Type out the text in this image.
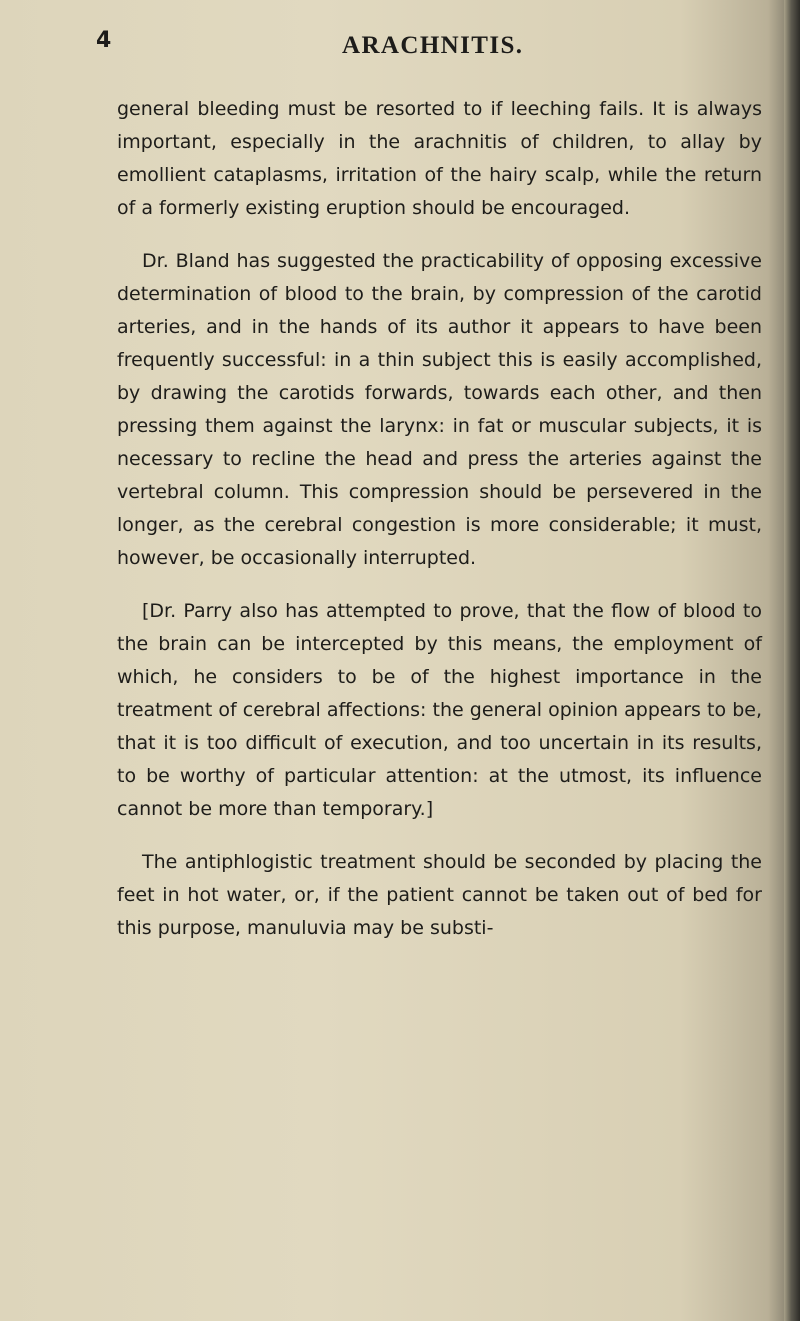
4	ARACHNITIS.

general bleeding must be resorted to if leeching fails. It is always important, especially in the arachnitis of children, to allay by emollient cataplasms, irritation of the hairy scalp, while the return of a formerly existing eruption should be encouraged.

Dr. Bland has suggested the practicability of opposing excessive determination of blood to the brain, by compression of the carotid arteries, and in the hands of its author it appears to have been frequently successful: in a thin subject this is easily accomplished, by drawing the carotids forwards, towards each other, and then pressing them against the larynx: in fat or muscular subjects, it is necessary to recline the head and press the arteries against the vertebral column. This compression should be persevered in the longer, as the cerebral congestion is more considerable; it must, however, be occasionally interrupted.

[Dr. Parry also has attempted to prove, that the flow of blood to the brain can be intercepted by this means, the employment of which, he considers to be of the highest importance in the treatment of cerebral affections: the general opinion appears to be, that it is too difficult of execution, and too uncertain in its results, to be worthy of particular attention: at the utmost, its influence cannot be more than temporary.]

The antiphlogistic treatment should be seconded by placing the feet in hot water, or, if the patient cannot be taken out of bed for this purpose, manuluvia may be substi-
